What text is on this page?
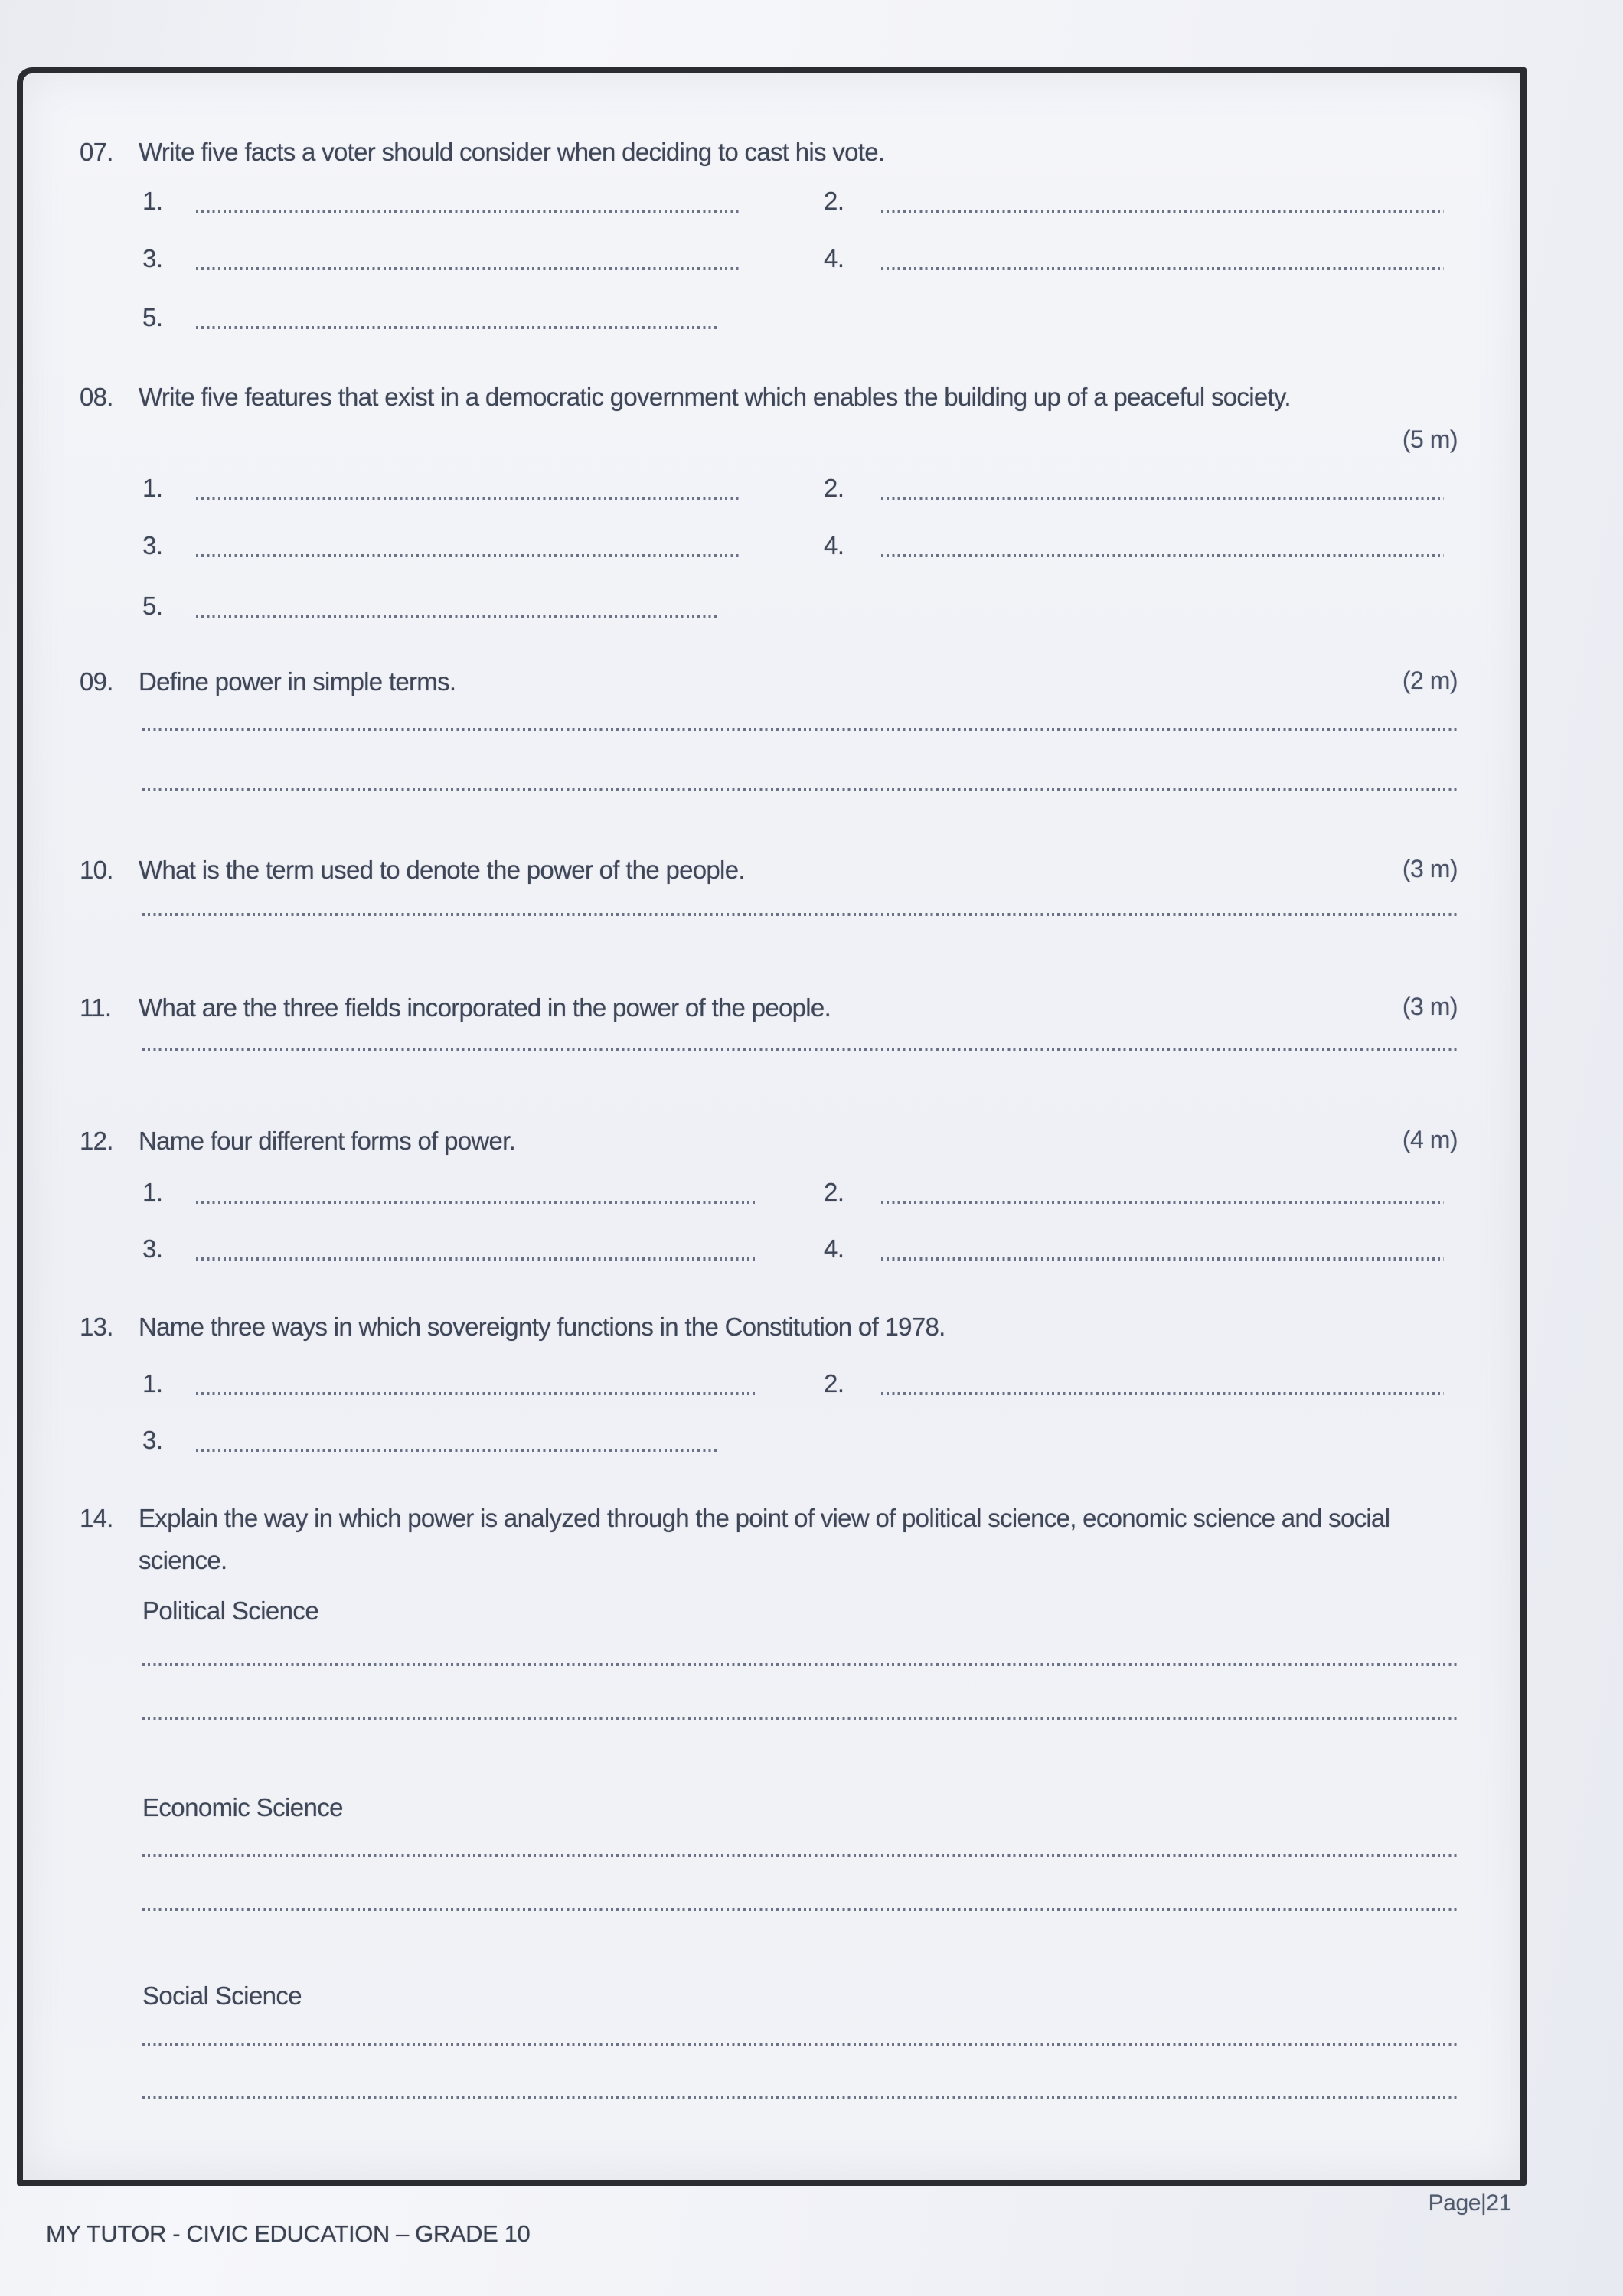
07.	Write five facts a voter should consider when deciding to cast his vote.
1.	2.
3.	4.
5.
08.	Write five features that exist in a democratic government which enables the building up of a peaceful society.
(5 m)
1.	2.
3.	4.
5.
09.	Define power in simple terms.	(2 m)
10.	What is the term used to denote the power of the people.	(3 m)
11.	What are the three fields incorporated in the power of the people.	(3 m)
12.	Name four different forms of power.	(4 m)
1.	2.
3.	4.
13.	Name three ways in which sovereignty functions in the Constitution of 1978.
1.	2.
3.
14.	Explain the way in which power is analyzed through the point of view of political science, economic science and social science.
Political Science
Economic Science
Social Science
MY TUTOR - CIVIC EDUCATION – GRADE 10
Page|21
